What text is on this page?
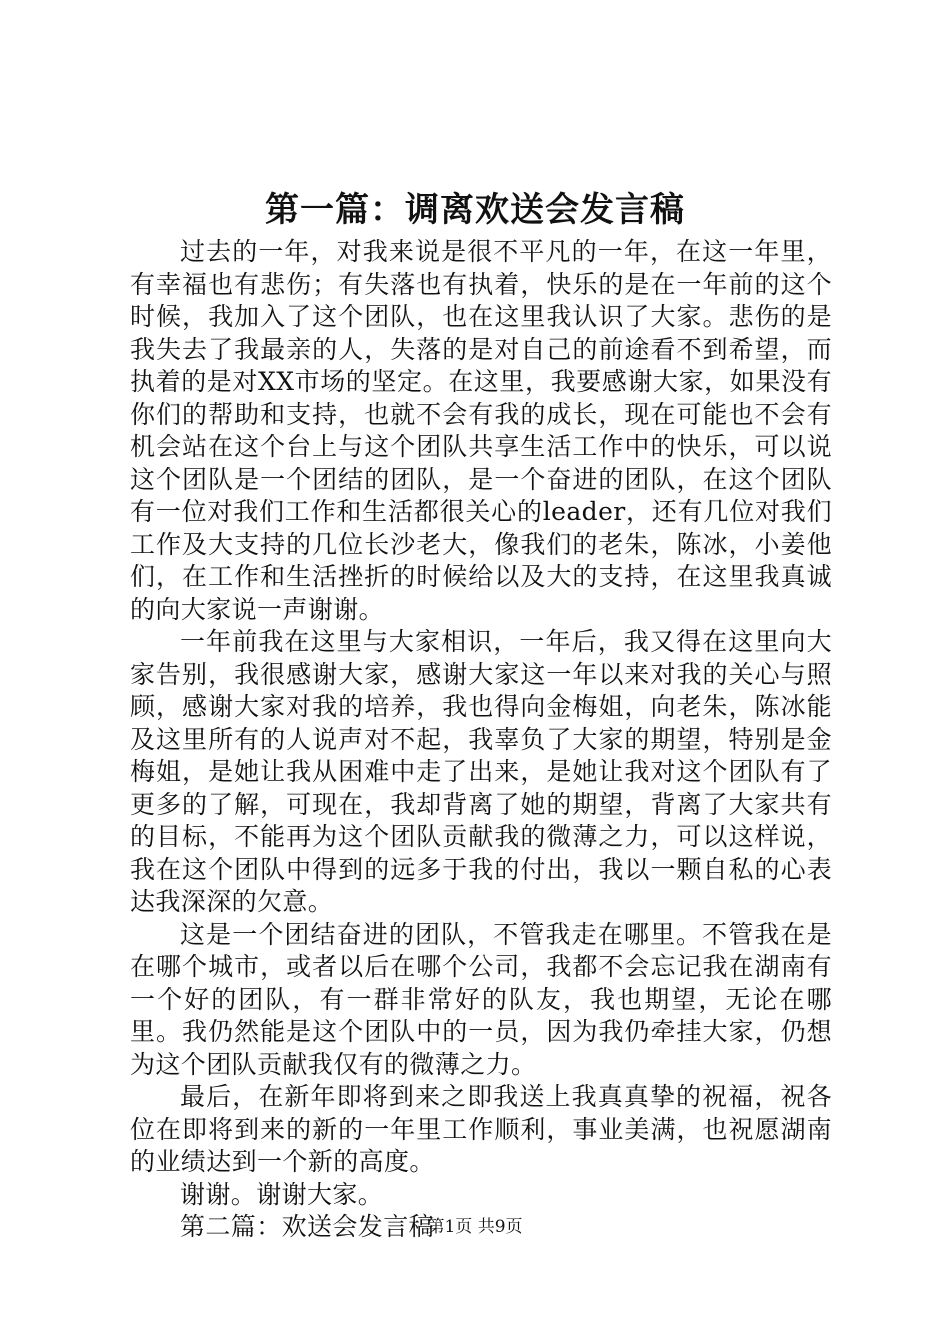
第一篇：调离欢送会发言稿

过去的一年，对我来说是很不平凡的一年，在这一年里，有幸福也有悲伤；有失落也有执着，快乐的是在一年前的这个时候，我加入了这个团队，也在这里我认识了大家。悲伤的是我失去了我最亲的人，失落的是对自己的前途看不到希望，而执着的是对XX市场的坚定。在这里，我要感谢大家，如果没有你们的帮助和支持，也就不会有我的成长，现在可能也不会有机会站在这个台上与这个团队共享生活工作中的快乐，可以说这个团队是一个团结的团队，是一个奋进的团队，在这个团队有一位对我们工作和生活都很关心的leader，还有几位对我们工作及大支持的几位长沙老大，像我们的老朱，陈冰，小姜他们，在工作和生活挫折的时候给以及大的支持，在这里我真诚的向大家说一声谢谢。

一年前我在这里与大家相识，一年后，我又得在这里向大家告别，我很感谢大家，感谢大家这一年以来对我的关心与照顾，感谢大家对我的培养，我也得向金梅姐，向老朱，陈冰能及这里所有的人说声对不起，我辜负了大家的期望，特别是金梅姐，是她让我从困难中走了出来，是她让我对这个团队有了更多的了解，可现在，我却背离了她的期望，背离了大家共有的目标，不能再为这个团队贡献我的微薄之力，可以这样说，我在这个团队中得到的远多于我的付出，我以一颗自私的心表达我深深的欠意。

这是一个团结奋进的团队，不管我走在哪里。不管我在是在哪个城市，或者以后在哪个公司，我都不会忘记我在湖南有一个好的团队，有一群非常好的队友，我也期望，无论在哪里。我仍然能是这个团队中的一员，因为我仍牵挂大家，仍想为这个团队贡献我仅有的微薄之力。

最后，在新年即将到来之即我送上我真真挚的祝福，祝各位在即将到来的新的一年里工作顺利，事业美满，也祝愿湖南的业绩达到一个新的高度。

谢谢。谢谢大家。

第二篇：欢送会发言稿

第1页 共9页
